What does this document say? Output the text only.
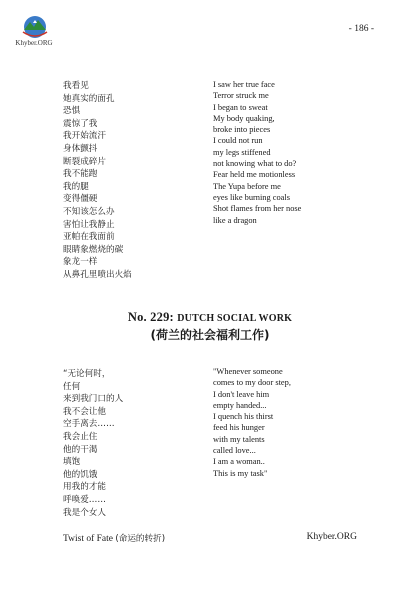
Khyber.ORG
- 186 -
我看见
她真实的面孔
恐惧
震惊了我
我开始流汗
身体颤抖
断裂成碎片
我不能跑
我的腿
变得僵硬
不知该怎么办
害怕让我静止
亚帕在我面前
眼睛象燃烧的碳
象龙一样
从鼻孔里喷出火焰
I saw her true face
Terror struck me
I began to sweat
My body quaking,
broke into pieces
I could not run
my legs stiffened
not knowing what to do?
Fear held me motionless
The Yupa before me
eyes like burning coals
Shot flames from her nose
like a dragon
No. 229: DUTCH SOCIAL WORK
(荷兰的社会福利工作)
“无论何时，
任何
来到我门口的人
我不会让他
空手离去……
我会止住
他的干渴
填饱
他的饥饿
用我的才能
呼唤爱……
我是个女人
"Whenever someone
comes to my door step,
I don't leave him
empty handed...
I quench his thirst
feed his hunger
with my talents
called love...
I am a woman..
This is my task"
Twist of Fate (命运的转折)	Khyber.ORG
